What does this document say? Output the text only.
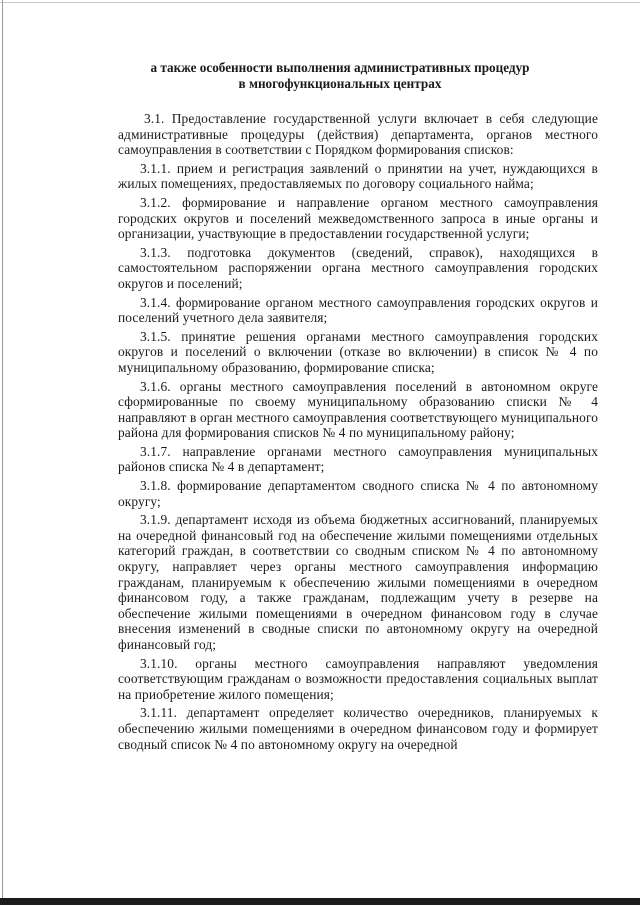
а также особенности выполнения административных процедур
в многофункциональных центрах

3.1. Предоставление государственной услуги включает в себя следующие административные процедуры (действия) департамента, органов местного самоуправления в соответствии с Порядком формирования списков:

3.1.1. прием и регистрация заявлений о принятии на учет, нуждающихся в жилых помещениях, предоставляемых по договору социального найма;

3.1.2. формирование и направление органом местного самоуправления городских округов и поселений межведомственного запроса в иные органы и организации, участвующие в предоставлении государственной услуги;

3.1.3. подготовка документов (сведений, справок), находящихся в самостоятельном распоряжении органа местного самоуправления городских округов и поселений;

3.1.4. формирование органом местного самоуправления городских округов и поселений учетного дела заявителя;

3.1.5. принятие решения органами местного самоуправления городских округов и поселений о включении (отказе во включении) в список № 4 по муниципальному образованию, формирование списка;

3.1.6. органы местного самоуправления поселений в автономном округе сформированные по своему муниципальному образованию списки № 4 направляют в орган местного самоуправления соответствующего муниципального района для формирования списков № 4 по муниципальному району;

3.1.7. направление органами местного самоуправления муниципальных районов списка № 4 в департамент;

3.1.8. формирование департаментом сводного списка № 4 по автономному округу;

3.1.9. департамент исходя из объема бюджетных ассигнований, планируемых на очередной финансовый год на обеспечение жилыми помещениями отдельных категорий граждан, в соответствии со сводным списком № 4 по автономному округу, направляет через органы местного самоуправления информацию гражданам, планируемым к обеспечению жилыми помещениями в очередном финансовом году, а также гражданам, подлежащим учету в резерве на обеспечение жилыми помещениями в очередном финансовом году в случае внесения изменений в сводные списки по автономному округу на очередной финансовый год;

3.1.10. органы местного самоуправления направляют уведомления соответствующим гражданам о возможности предоставления социальных выплат на приобретение жилого помещения;

3.1.11. департамент определяет количество очередников, планируемых к обеспечению жилыми помещениями в очередном финансовом году и формирует сводный список № 4 по автономному округу на очередной
